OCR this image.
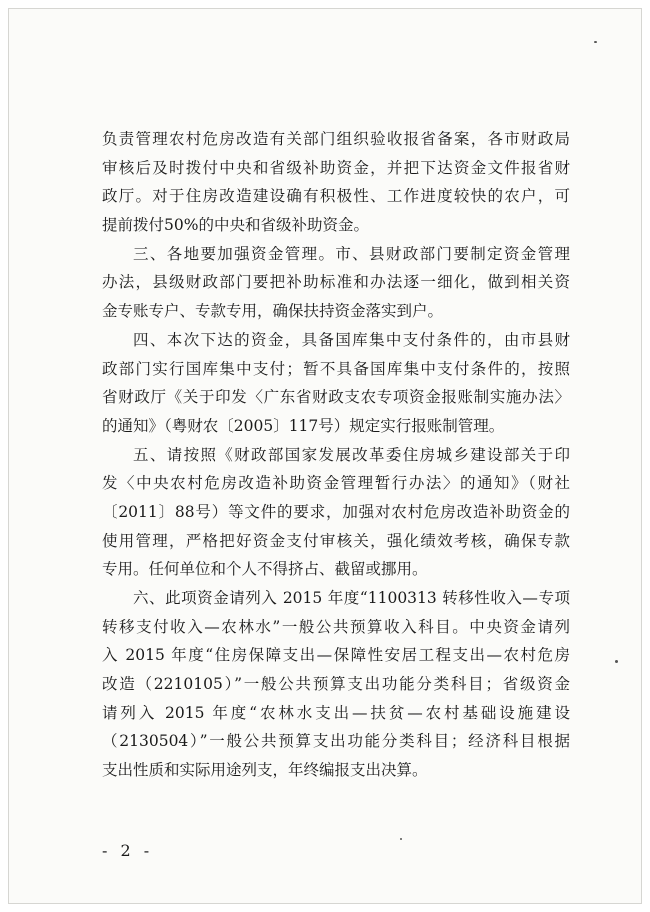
负责管理农村危房改造有关部门组织验收报省备案，各市财政局
审核后及时拨付中央和省级补助资金，并把下达资金文件报省财
政厅。对于住房改造建设确有积极性、工作进度较快的农户，可
提前拨付50%的中央和省级补助资金。
三、各地要加强资金管理。市、县财政部门要制定资金管理
办法，县级财政部门要把补助标准和办法逐一细化，做到相关资
金专账专户、专款专用，确保扶持资金落实到户。
四、本次下达的资金，具备国库集中支付条件的，由市县财
政部门实行国库集中支付；暂不具备国库集中支付条件的，按照
省财政厅《关于印发〈广东省财政支农专项资金报账制实施办法〉
的通知》（粤财农〔2005〕117号）规定实行报账制管理。
五、请按照《财政部国家发展改革委住房城乡建设部关于印
发〈中央农村危房改造补助资金管理暂行办法〉的通知》（财社
〔2011〕88号）等文件的要求，加强对农村危房改造补助资金的
使用管理，严格把好资金支付审核关，强化绩效考核，确保专款
专用。任何单位和个人不得挤占、截留或挪用。
六、此项资金请列入 2015 年度“1100313 转移性收入—专项
转移支付收入—农林水”一般公共预算收入科目。中央资金请列
入 2015 年度“住房保障支出—保障性安居工程支出—农村危房
改造（2210105）”一般公共预算支出功能分类科目；省级资金
请列入 2015 年度“农林水支出—扶贫—农村基础设施建设
（2130504）”一般公共预算支出功能分类科目；经济科目根据
支出性质和实际用途列支，年终编报支出决算。
- 2 -
